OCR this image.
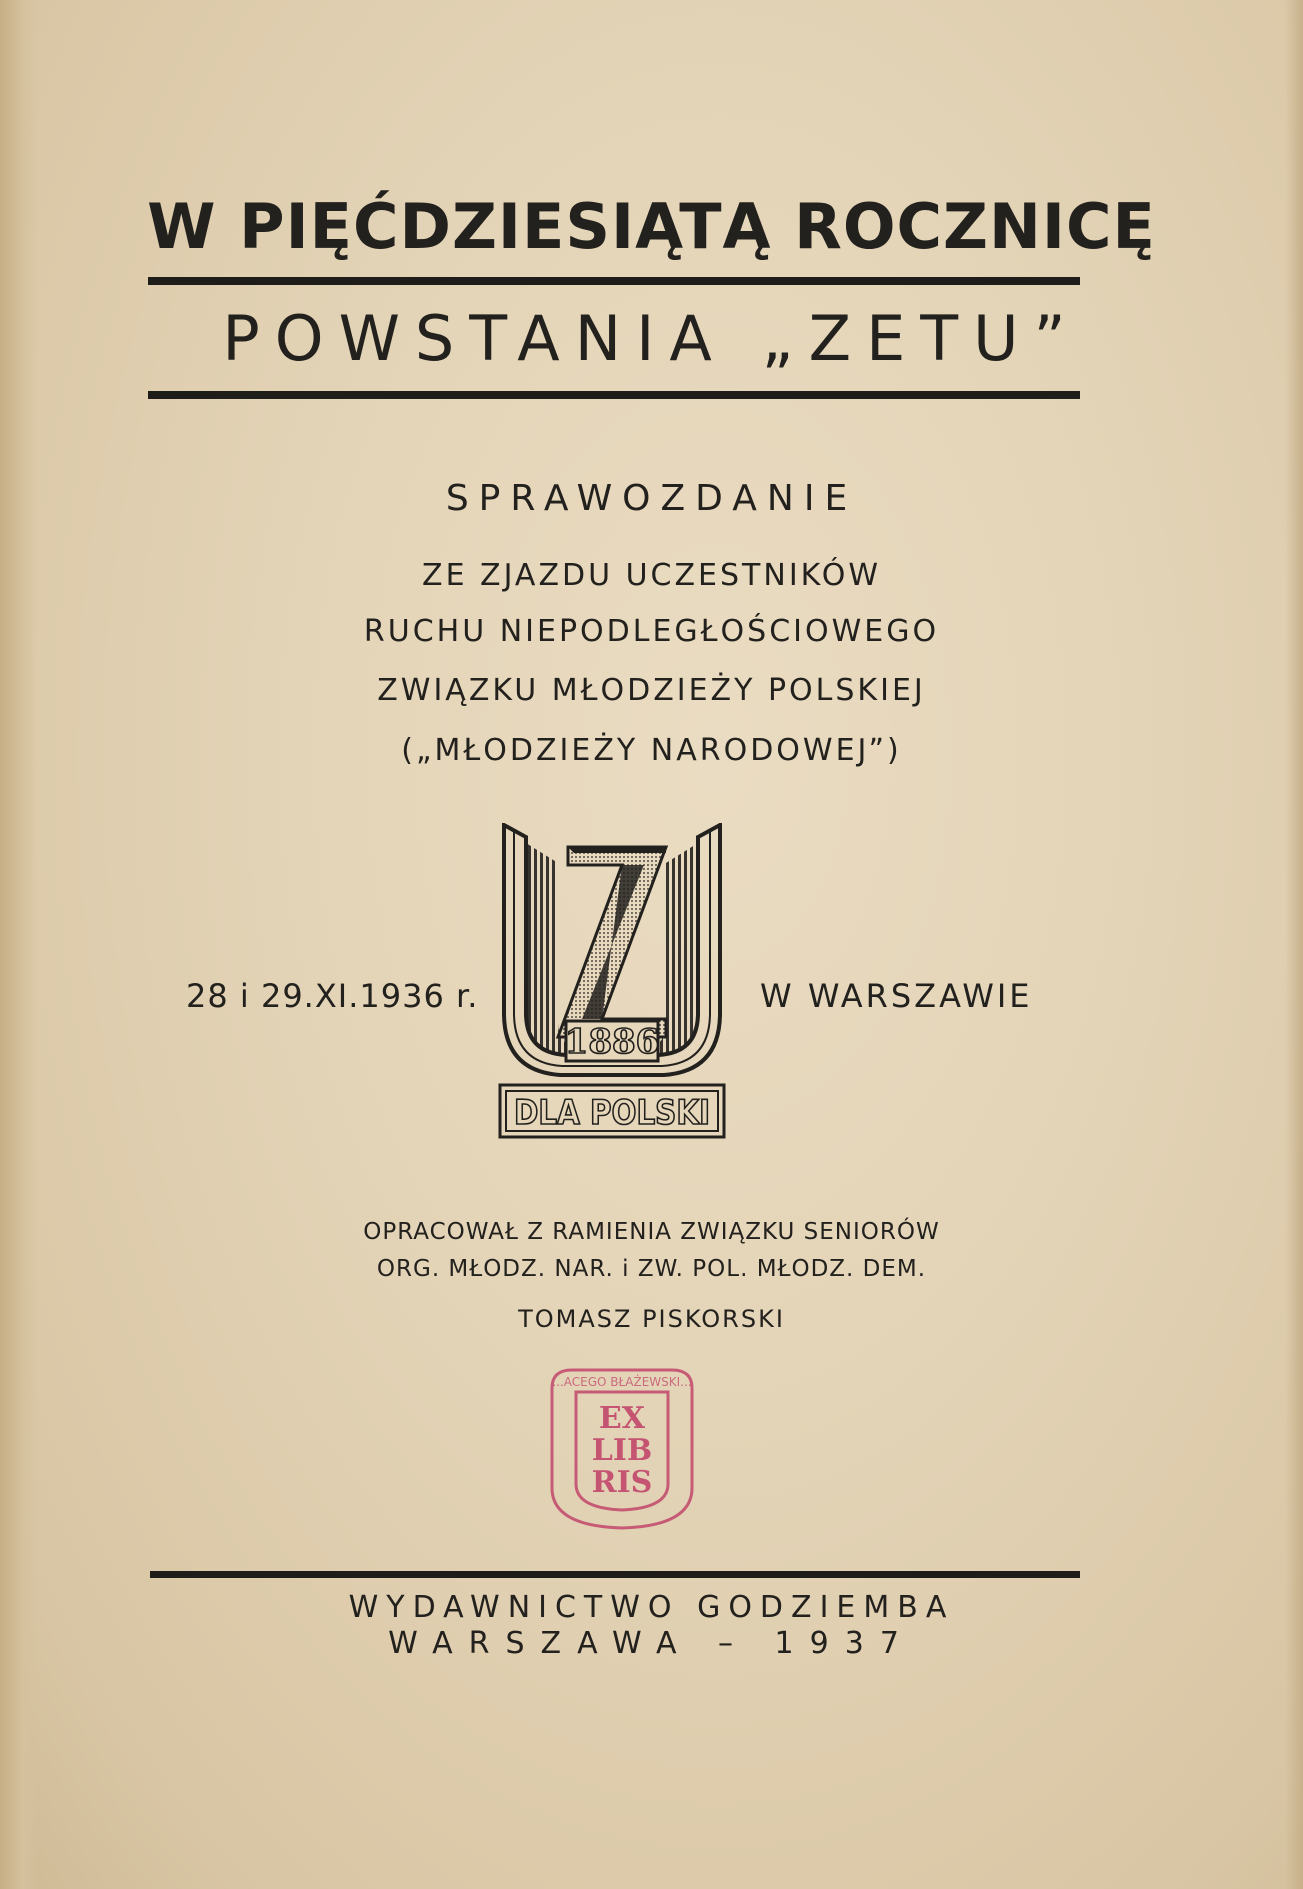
W PIĘĆDZIESIĄTĄ ROCZNICĘ
POWSTANIA „ZETU”
SPRAWOZDANIE
ZE ZJAZDU UCZESTNIKÓW
RUCHU NIEPODLEGŁOŚCIOWEGO
ZWIĄZKU MŁODZIEŻY POLSKIEJ
(„MŁODZIEŻY NARODOWEJ”)
28 i 29.XI.1936 r.	W WARSZAWIE
1886
DLA POLSKI
OPRACOWAŁ Z RAMIENIA ZWIĄZKU SENIORÓW
ORG. MŁODZ. NAR. i ZW. POL. MŁODZ. DEM.
TOMASZ PISKORSKI
EX
LIB
RIS
...ACEGO BŁAŻEWSKI...
WYDAWNICTWO GODZIEMBA
WARSZAWA – 1937
